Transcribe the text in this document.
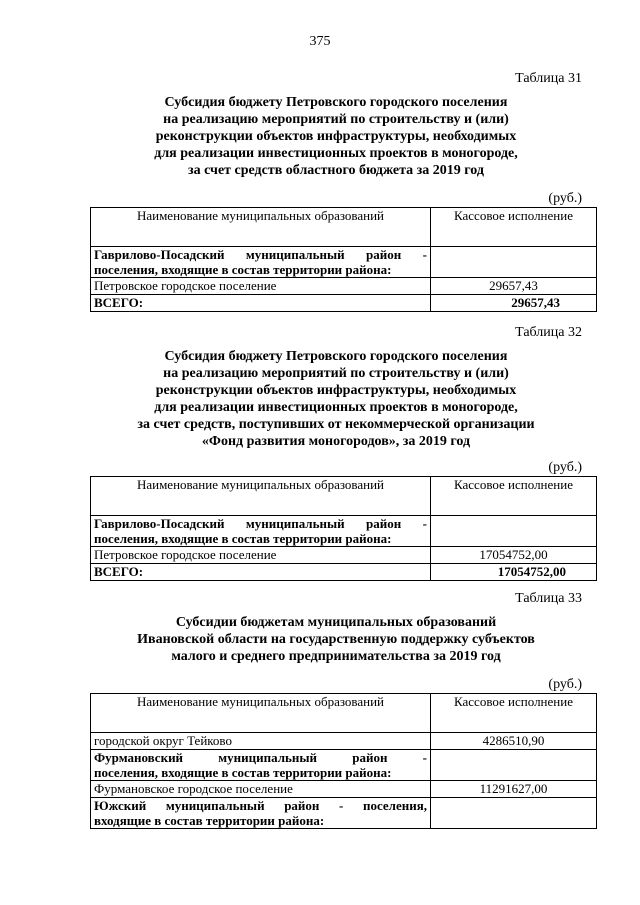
375
Таблица 31
Субсидия бюджету Петровского городского поселения
на реализацию мероприятий по строительству и (или)
реконструкции объектов инфраструктуры, необходимых
для реализации инвестиционных проектов в моногороде,
за счет средств областного бюджета за 2019 год
(руб.)
Наименование муниципальных образований	Кассовое исполнение

Гаврилово-Посадский муниципальный район -
поселения, входящие в состав территории района:	
Петровское городское поселение	29657,43
ВСЕГО:	29657,43
Таблица 32
Субсидия бюджету Петровского городского поселения
на реализацию мероприятий по строительству и (или)
реконструкции объектов инфраструктуры, необходимых
для реализации инвестиционных проектов в моногороде,
за счет средств, поступивших от некоммерческой организации
«Фонд развития моногородов», за 2019 год
(руб.)
Наименование муниципальных образований	Кассовое исполнение

Гаврилово-Посадский муниципальный район -
поселения, входящие в состав территории района:	
Петровское городское поселение	17054752,00
ВСЕГО:	17054752,00
Таблица 33
Субсидии бюджетам муниципальных образований
Ивановской области на государственную поддержку субъектов
малого и среднего предпринимательства за 2019 год
(руб.)
Наименование муниципальных образований	Кассовое исполнение
городской округ Тейково	4286510,90

Фурмановский муниципальный район -
поселения, входящие в состав территории района:	
Фурмановское городское поселение	11291627,00

Южский муниципальный район - поселения,
входящие в состав территории района:	
